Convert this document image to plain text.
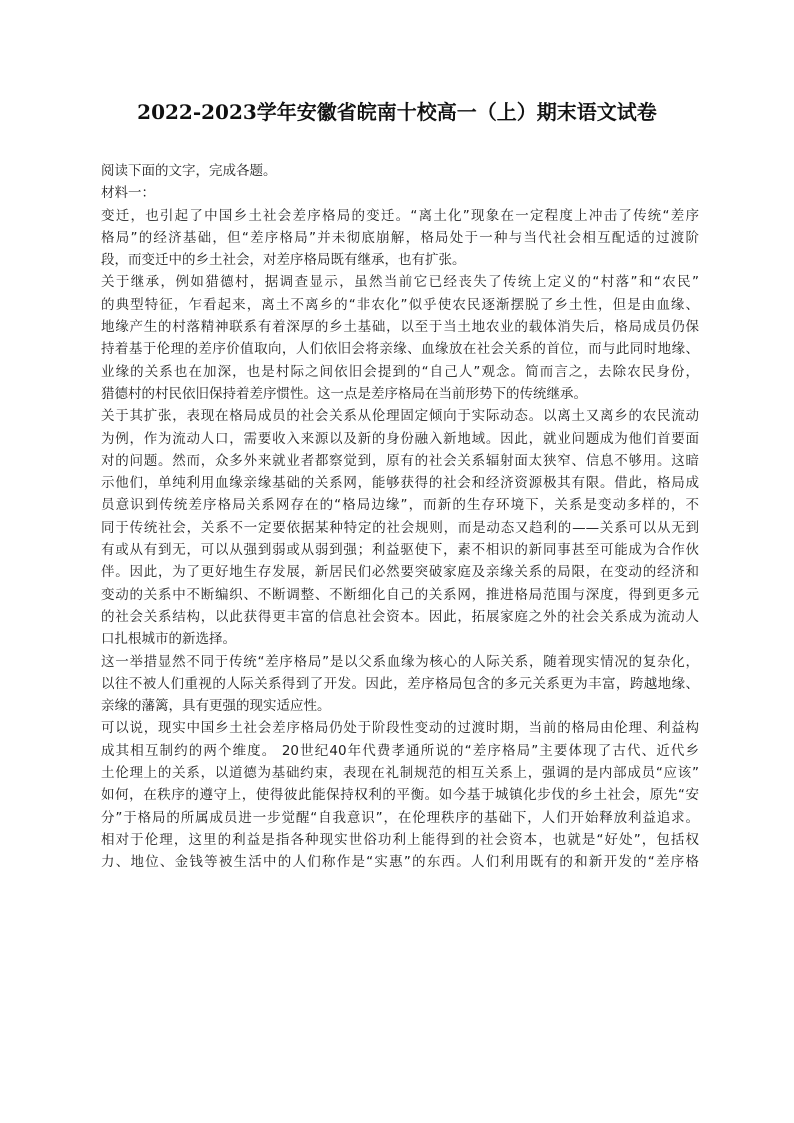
2022-2023学年安徽省皖南十校高一（上）期末语文试卷
阅读下面的文字，完成各题。
材料一：
变迁，也引起了中国乡土社会差序格局的变迁。“离土化”现象在一定程度上冲击了传统“差序
格局”的经济基础，但“差序格局”并未彻底崩解，格局处于一种与当代社会相互配适的过渡阶
段，而变迁中的乡土社会，对差序格局既有继承，也有扩张。
关于继承，例如猎德村，据调查显示，虽然当前它已经丧失了传统上定义的“村落”和“农民”
的典型特征，乍看起来，离土不离乡的“非农化”似乎使农民逐渐摆脱了乡土性，但是由血缘、
地缘产生的村落精神联系有着深厚的乡土基础，以至于当土地农业的载体消失后，格局成员仍保
持着基于伦理的差序价值取向，人们依旧会将亲缘、血缘放在社会关系的首位，而与此同时地缘、
业缘的关系也在加深，也是村际之间依旧会提到的“自己人”观念。简而言之，去除农民身份，
猎德村的村民依旧保持着差序惯性。这一点是差序格局在当前形势下的传统继承。
关于其扩张，表现在格局成员的社会关系从伦理固定倾向于实际动态。以离土又离乡的农民流动
为例，作为流动人口，需要收入来源以及新的身份融入新地域。因此，就业问题成为他们首要面
对的问题。然而，众多外来就业者都察觉到，原有的社会关系辐射面太狭窄、信息不够用。这暗
示他们，单纯利用血缘亲缘基础的关系网，能够获得的社会和经济资源极其有限。借此，格局成
员意识到传统差序格局关系网存在的“格局边缘”，而新的生存环境下，关系是变动多样的，不
同于传统社会，关系不一定要依据某种特定的社会规则，而是动态又趋利的——关系可以从无到
有或从有到无，可以从强到弱或从弱到强；利益驱使下，素不相识的新同事甚至可能成为合作伙
伴。因此，为了更好地生存发展，新居民们必然要突破家庭及亲缘关系的局限，在变动的经济和
变动的关系中不断编织、不断调整、不断细化自己的关系网，推进格局范围与深度，得到更多元
的社会关系结构，以此获得更丰富的信息社会资本。因此，拓展家庭之外的社会关系成为流动人
口扎根城市的新选择。
这一举措显然不同于传统“差序格局”是以父系血缘为核心的人际关系，随着现实情况的复杂化，
以往不被人们重视的人际关系得到了开发。因此，差序格局包含的多元关系更为丰富，跨越地缘、
亲缘的藩篱，具有更强的现实适应性。
可以说，现实中国乡土社会差序格局仍处于阶段性变动的过渡时期，当前的格局由伦理、利益构
成其相互制约的两个维度。 20世纪40年代费孝通所说的“差序格局”主要体现了古代、近代乡
土伦理上的关系，以道德为基础约束，表现在礼制规范的相互关系上，强调的是内部成员“应该”
如何，在秩序的遵守上，使得彼此能保持权利的平衡。如今基于城镇化步伐的乡土社会，原先“安
分”于格局的所属成员进一步觉醒“自我意识”，在伦理秩序的基础下，人们开始释放利益追求。
相对于伦理，这里的利益是指各种现实世俗功利上能得到的社会资本，也就是“好处”，包括权
力、地位、金钱等被生活中的人们称作是“实惠”的东西。人们利用既有的和新开发的“差序格
